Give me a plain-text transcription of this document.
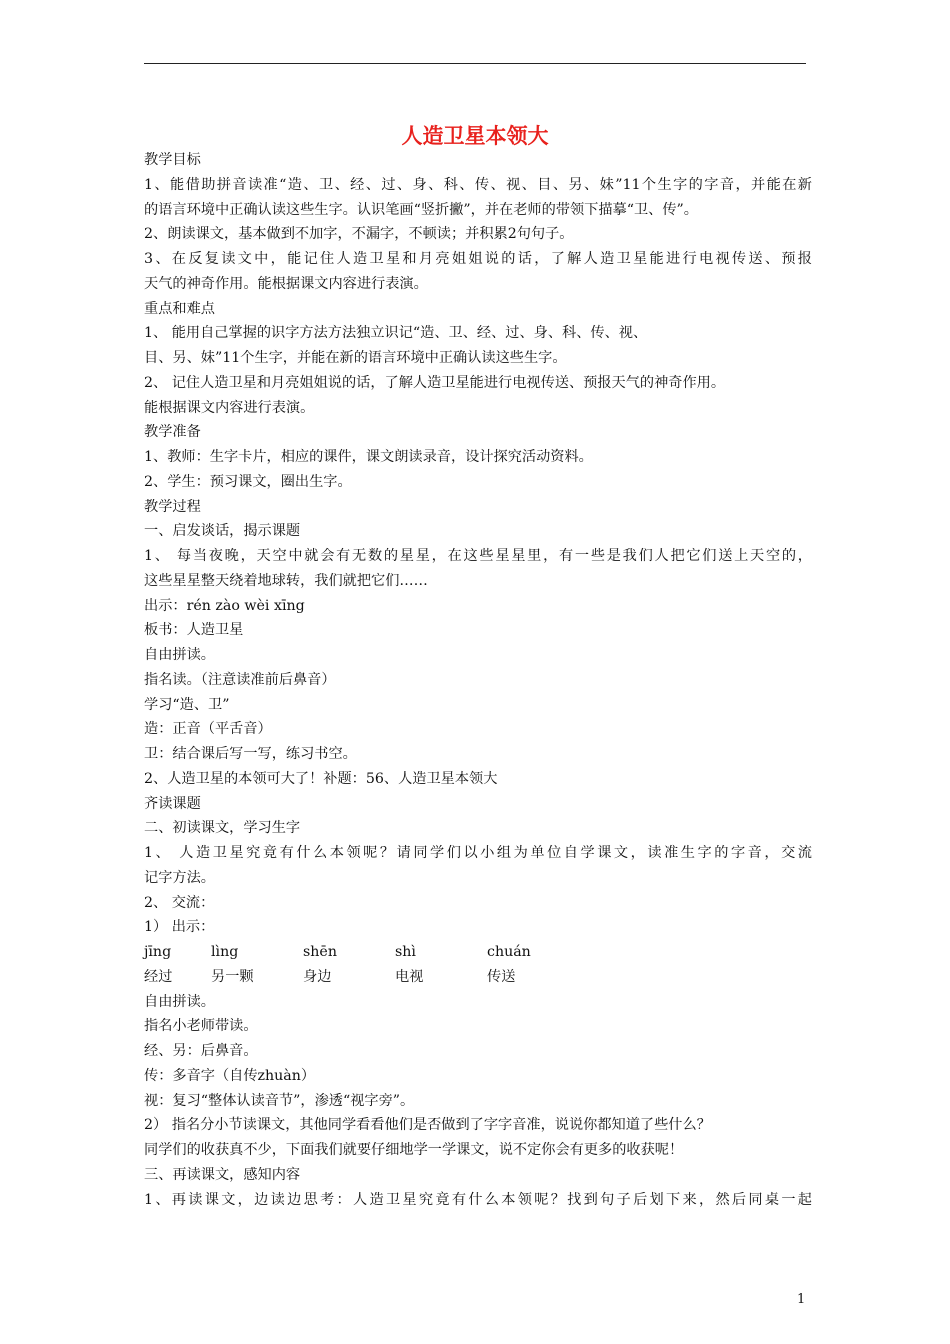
人造卫星本领大
教学目标
1、能借助拼音读准“造、卫、经、过、身、科、传、视、目、另、妹”11个生字的字音，并能在新
的语言环境中正确认读这些生字。认识笔画“竖折撇”，并在老师的带领下描摹“卫、传”。
2、朗读课文，基本做到不加字，不漏字，不顿读；并积累2句句子。
3、在反复读文中，能记住人造卫星和月亮姐姐说的话，了解人造卫星能进行电视传送、预报
天气的神奇作用。能根据课文内容进行表演。
重点和难点
1、 能用自己掌握的识字方法方法独立识记“造、卫、经、过、身、科、传、视、
目、另、妹”11个生字，并能在新的语言环境中正确认读这些生字。
2、 记住人造卫星和月亮姐姐说的话，了解人造卫星能进行电视传送、预报天气的神奇作用。
能根据课文内容进行表演。
教学准备
1、教师：生字卡片，相应的课件，课文朗读录音，设计探究活动资料。
2、学生：预习课文，圈出生字。
教学过程
一、启发谈话，揭示课题
1、 每当夜晚，天空中就会有无数的星星，在这些星星里，有一些是我们人把它们送上天空的，
这些星星整天绕着地球转，我们就把它们……
出示：rén zào wèi xīng
板书：人造卫星
自由拼读。
指名读。（注意读准前后鼻音）
学习“造、卫”
造：正音（平舌音）
卫：结合课后写一写，练习书空。
2、人造卫星的本领可大了！补题：56、人造卫星本领大
齐读课题
二、初读课文，学习生字
1、 人造卫星究竟有什么本领呢？请同学们以小组为单位自学课文，读准生字的字音，交流
记字方法。
2、 交流：
1） 出示：
jīng	lìng	shēn	shì	chuán
经过	另一颗	身边	电视	传送
自由拼读。
指名小老师带读。
经、另：后鼻音。
传：多音字（自传zhuàn）
视：复习“整体认读音节”，渗透“视字旁”。
2） 指名分小节读课文，其他同学看看他们是否做到了字字音准，说说你都知道了些什么？
同学们的收获真不少，下面我们就要仔细地学一学课文，说不定你会有更多的收获呢！
三、再读课文，感知内容
1、再读课文，边读边思考：人造卫星究竟有什么本领呢？找到句子后划下来，然后同桌一起
1
